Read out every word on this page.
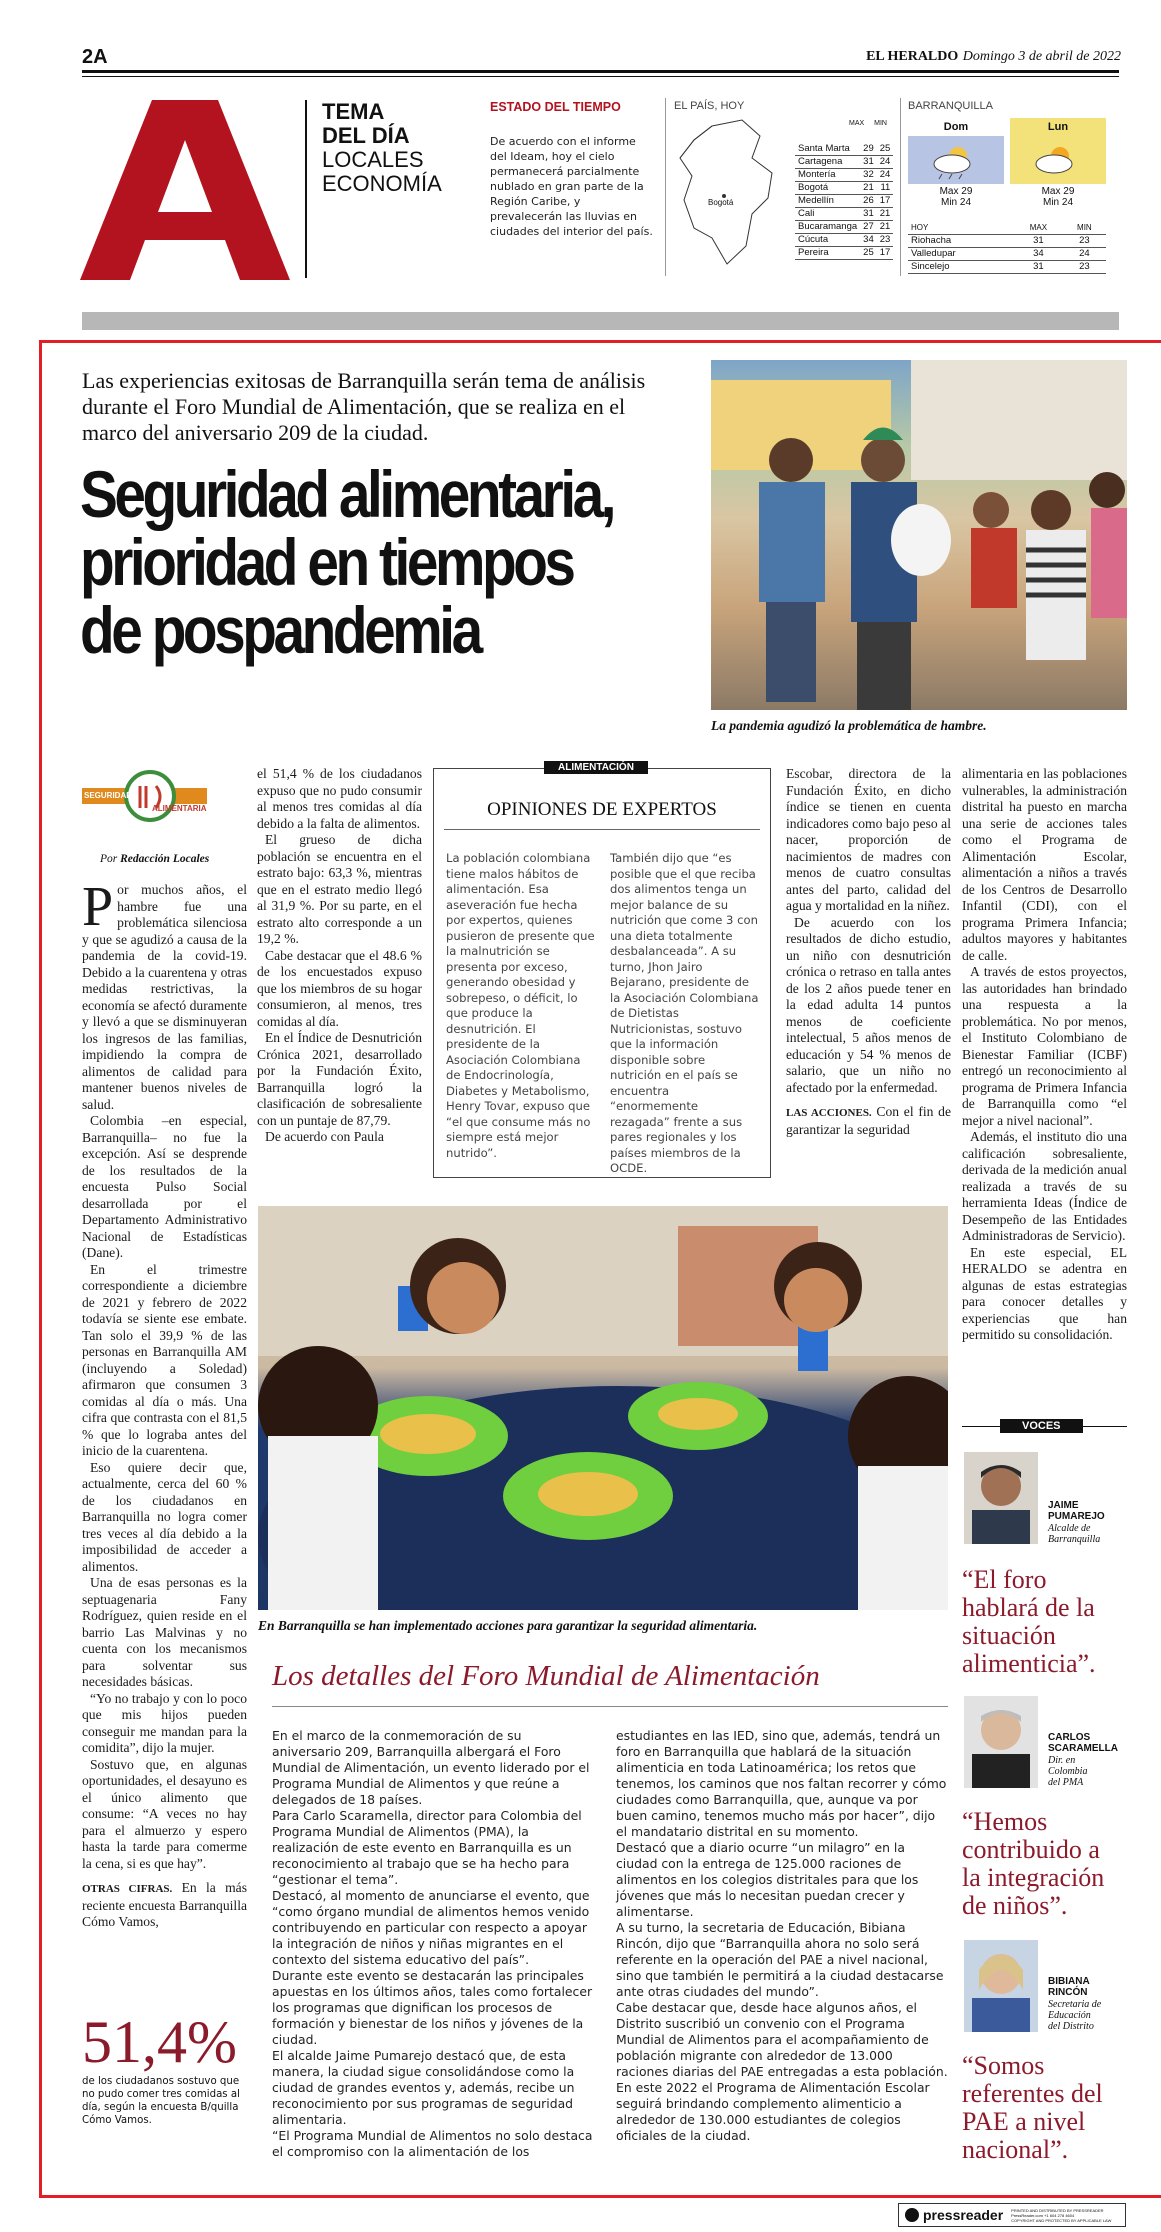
2A	EL HERALDO Domingo 3 de abril de 2022
TEMA
DEL DÍA
LOCALES
ECONOMÍA
ESTADO DEL TIEMPO
De acuerdo con el informe del Ideam, hoy el cielo permanecerá parcialmente nublado en gran parte de la Región Caribe, y prevalecerán las lluvias en ciudades del interior del país.
EL PAÍS, HOY
Bogotá
MAX MIN
Santa Marta	29	25
Cartagena	31	24
Montería	32	24
Bogotá	21	11
Medellín	26	17
Cali	31	21
Bucaramanga	27	21
Cúcuta	34	23
Pereira	25	17
BARRANQUILLA
Dom
Max 29
Min 24
Lun
Max 29
Min 24
HOY	MAX	MIN
Riohacha	31	23
Valledupar	34	24
Sincelejo	31	23
Las experiencias exitosas de Barranquilla serán tema de análisis durante el Foro Mundial de Alimentación, que se realiza en el marco del aniversario 209 de la ciudad.
Seguridad alimentaria,
prioridad en tiempos
de pospandemia
La pandemia agudizó la problemática de hambre.
SEGURIDAD
ALIMENTARIA
Por Redacción Locales

Por muchos años, el hambre fue una problemática silenciosa y que se agudizó a causa de la pandemia de la covid-19. Debido a la cuarentena y otras medidas restrictivas, la economía se afectó duramente y llevó a que se disminuyeran los ingresos de las familias, impidiendo la compra de alimentos de calidad para mantener buenos niveles de salud.

Colombia –en especial, Barranquilla– no fue la excepción. Así se desprende de los resultados de la encuesta Pulso Social desarrollada por el Departamento Administrativo Nacional de Estadísticas (Dane).

En el trimestre correspondiente a diciembre de 2021 y febrero de 2022 todavía se siente ese embate. Tan solo el 39,9 % de las personas en Barranquilla AM (incluyendo a Soledad) afirmaron que consumen 3 comidas al día o más. Una cifra que contrasta con el 81,5 % que lo lograba antes del inicio de la cuarentena.

Eso quiere decir que, actualmente, cerca del 60 % de los ciudadanos en Barranquilla no logra comer tres veces al día debido a la imposibilidad de acceder a alimentos.

Una de esas personas es la septuagenaria Fany Rodríguez, quien reside en el barrio Las Malvinas y no cuenta con los mecanismos para solventar sus necesidades básicas.

“Yo no trabajo y con lo poco que mis hijos pueden conseguir me mandan para la comidita”, dijo la mujer.

Sostuvo que, en algunas oportunidades, el desayuno es el único alimento que consume: “A veces no hay para el almuerzo y espero hasta la tarde para comerme la cena, si es que hay”.

OTRAS CIFRAS. En la más reciente encuesta Barranquilla Cómo Vamos,

51,4%
de los ciudadanos sostuvo que no pudo comer tres comidas al día, según la encuesta B/quilla Cómo Vamos.

el 51,4 % de los ciudadanos expuso que no pudo consumir al menos tres comidas al día debido a la falta de alimentos.

El grueso de dicha población se encuentra en el estrato bajo: 63,3 %, mientras que en el estrato medio llegó al 31,9 %. Por su parte, en el estrato alto corresponde a un 19,2 %.

Cabe destacar que el 48.6 % de los encuestados expuso que los miembros de su hogar consumieron, al menos, tres comidas al día.

En el Índice de Desnutrición Crónica 2021, desarrollado por la Fundación Éxito, Barranquilla logró la clasificación de sobresaliente con un puntaje de 87,79.

De acuerdo con Paula

ALIMENTACIÓN
OPINIONES DE EXPERTOS
La población colombiana tiene malos hábitos de alimentación. Esa aseveración fue hecha por expertos, quienes pusieron de presente que la malnutrición se presenta por exceso, generando obesidad y sobrepeso, o déficit, lo que produce la desnutrición. El presidente de la Asociación Colombiana de Endocrinología, Diabetes y Metabolismo, Henry Tovar, expuso que “el que consume más no siempre está mejor nutrido”.
También dijo que “es posible que el que reciba dos alimentos tenga un mejor balance de su nutrición que come 3 con una dieta totalmente desbalanceada”. A su turno, Jhon Jairo Bejarano, presidente de la Asociación Colombiana de Dietistas Nutricionistas, sostuvo que la información disponible sobre nutrición en el país se encuentra “enormemente rezagada” frente a sus pares regionales y los países miembros de la OCDE.

Escobar, directora de la Fundación Éxito, en dicho índice se tienen en cuenta indicadores como bajo peso al nacer, proporción de nacimientos de madres con menos de cuatro consultas antes del parto, calidad del agua y mortalidad en la niñez.

De acuerdo con los resultados de dicho estudio, un niño con desnutrición crónica o retraso en talla antes de los 2 años puede tener en la edad adulta 14 puntos menos de coeficiente intelectual, 5 años menos de educación y 54 % menos de salario, que un niño no afectado por la enfermedad.

LAS ACCIONES. Con el fin de garantizar la seguridad

alimentaria en las poblaciones vulnerables, la administración distrital ha puesto en marcha una serie de acciones tales como el Programa de Alimentación Escolar, alimentación a niños a través de los Centros de Desarrollo Infantil (CDI), con el programa Primera Infancia; adultos mayores y habitantes de calle.

A través de estos proyectos, las autoridades han brindado una respuesta a la problemática. No por menos, el Instituto Colombiano de Bienestar Familiar (ICBF) entregó un reconocimiento al programa de Primera Infancia de Barranquilla como “el mejor a nivel nacional”.

Además, el instituto dio una calificación sobresaliente, derivada de la medición anual realizada a través de su herramienta Ideas (Índice de Desempeño de las Entidades Administradoras de Servicio).

En este especial, EL HERALDO se adentra en algunas de estas estrategias para conocer detalles y experiencias que han permitido su consolidación.

En Barranquilla se han implementado acciones para garantizar la seguridad alimentaria.
Los detalles del Foro Mundial de Alimentación

En el marco de la conmemoración de su aniversario 209, Barranquilla albergará el Foro Mundial de Alimentación, un evento liderado por el Programa Mundial de Alimentos y que reúne a delegados de 18 países.

Para Carlo Scaramella, director para Colombia del Programa Mundial de Alimentos (PMA), la realización de este evento en Barranquilla es un reconocimiento al trabajo que se ha hecho para “gestionar el tema”.

Destacó, al momento de anunciarse el evento, que “como órgano mundial de alimentos hemos venido contribuyendo en particular con respecto a apoyar la integración de niños y niñas migrantes en el contexto del sistema educativo del país”.

Durante este evento se destacarán las principales apuestas en los últimos años, tales como fortalecer los programas que dignifican los procesos de formación y bienestar de los niños y jóvenes de la ciudad.

El alcalde Jaime Pumarejo destacó que, de esta manera, la ciudad sigue consolidándose como la ciudad de grandes eventos y, además, recibe un reconocimiento por sus programas de seguridad alimentaria.

“El Programa Mundial de Alimentos no solo destaca el compromiso con la alimentación de los

estudiantes en las IED, sino que, además, tendrá un foro en Barranquilla que hablará de la situación alimenticia en toda Latinoamérica; los retos que tenemos, los caminos que nos faltan recorrer y cómo ciudades como Barranquilla, que, aunque va por buen camino, tenemos mucho más por hacer”, dijo el mandatario distrital en su momento.

Destacó que a diario ocurre “un milagro” en la ciudad con la entrega de 125.000 raciones de alimentos en los colegios distritales para que los jóvenes que más lo necesitan puedan crecer y alimentarse.

A su turno, la secretaria de Educación, Bibiana Rincón, dijo que “Barranquilla ahora no solo será referente en la operación del PAE a nivel nacional, sino que también le permitirá a la ciudad destacarse ante otras ciudades del mundo”.

Cabe destacar que, desde hace algunos años, el Distrito suscribió un convenio con el Programa Mundial de Alimentos para el acompañamiento de población migrante con alrededor de 13.000 raciones diarias del PAE entregadas a esta población.

En este 2022 el Programa de Alimentación Escolar seguirá brindando complemento alimenticio a alrededor de 130.000 estudiantes de colegios oficiales de la ciudad.

VOCES
JAIME
PUMAREJO
Alcalde de
Barranquilla
“El foro hablará de la situación alimenticia”.
CARLOS
SCARAMELLA
Dir. en
Colombia
del PMA
“Hemos contribuido a la integración de niños”.
BIBIANA
RINCÓN
Secretaria de
Educación
del Distrito
“Somos referentes del PAE a nivel nacional”.
pressreader PRINTED AND DISTRIBUTED BY PRESSREADER
PressReader.com +1 604 278 4604
COPYRIGHT AND PROTECTED BY APPLICABLE LAW
